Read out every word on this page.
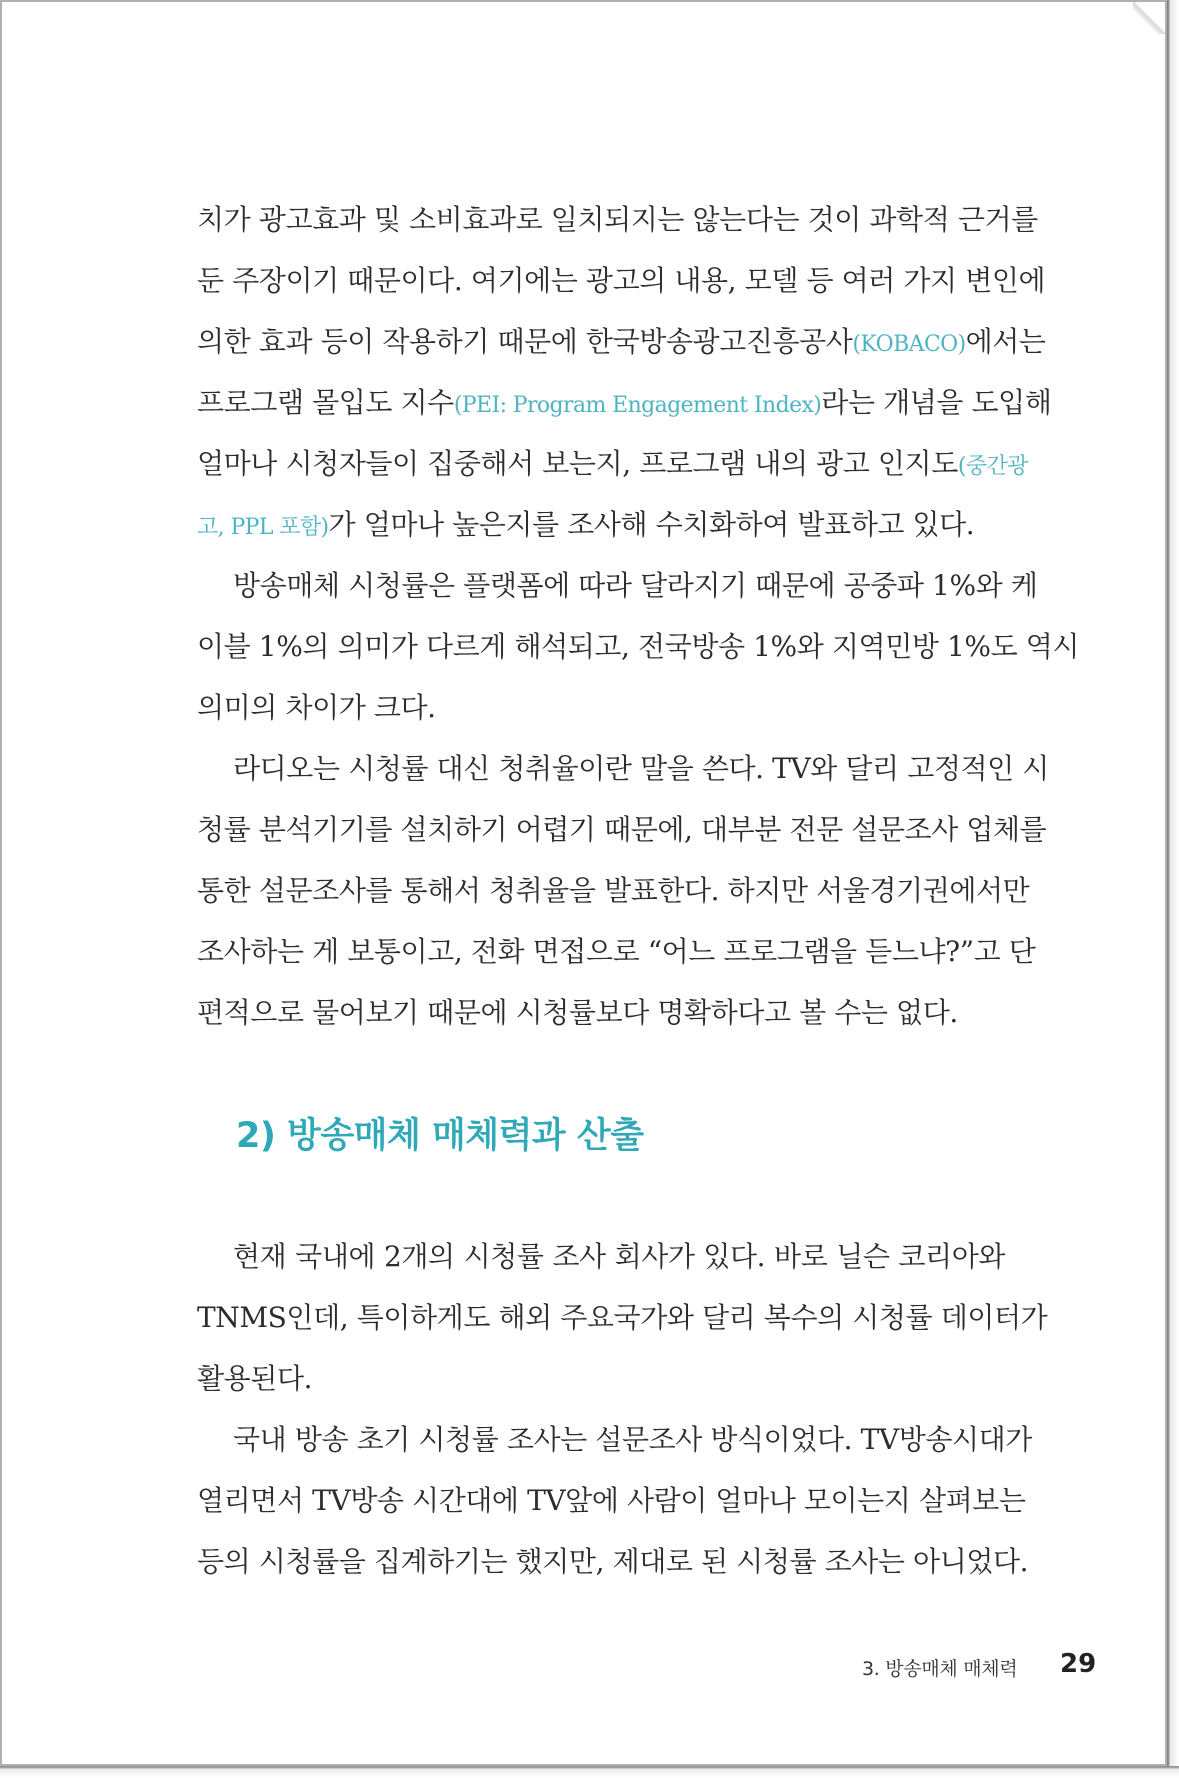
치가 광고효과 및 소비효과로 일치되지는 않는다는 것이 과학적 근거를
둔 주장이기 때문이다. 여기에는 광고의 내용, 모델 등 여러 가지 변인에
의한 효과 등이 작용하기 때문에 한국방송광고진흥공사(KOBACO)에서는
프로그램 몰입도 지수(PEI: Program Engagement Index)라는 개념을 도입해
얼마나 시청자들이 집중해서 보는지, 프로그램 내의 광고 인지도(중간광
고, PPL 포함)가 얼마나 높은지를 조사해 수치화하여 발표하고 있다.
방송매체 시청률은 플랫폼에 따라 달라지기 때문에 공중파 1%와 케
이블 1%의 의미가 다르게 해석되고, 전국방송 1%와 지역민방 1%도 역시
의미의 차이가 크다.
라디오는 시청률 대신 청취율이란 말을 쓴다. TV와 달리 고정적인 시
청률 분석기기를 설치하기 어렵기 때문에, 대부분 전문 설문조사 업체를
통한 설문조사를 통해서 청취율을 발표한다. 하지만 서울경기권에서만
조사하는 게 보통이고, 전화 면접으로 “어느 프로그램을 듣느냐?”고 단
편적으로 물어보기 때문에 시청률보다 명확하다고 볼 수는 없다.
2) 방송매체 매체력과 산출
현재 국내에 2개의 시청률 조사 회사가 있다. 바로 닐슨 코리아와
TNMS인데, 특이하게도 해외 주요국가와 달리 복수의 시청률 데이터가
활용된다.
국내 방송 초기 시청률 조사는 설문조사 방식이었다. TV방송시대가
열리면서 TV방송 시간대에 TV앞에 사람이 얼마나 모이는지 살펴보는
등의 시청률을 집계하기는 했지만, 제대로 된 시청률 조사는 아니었다.
3. 방송매체 매체력 29
